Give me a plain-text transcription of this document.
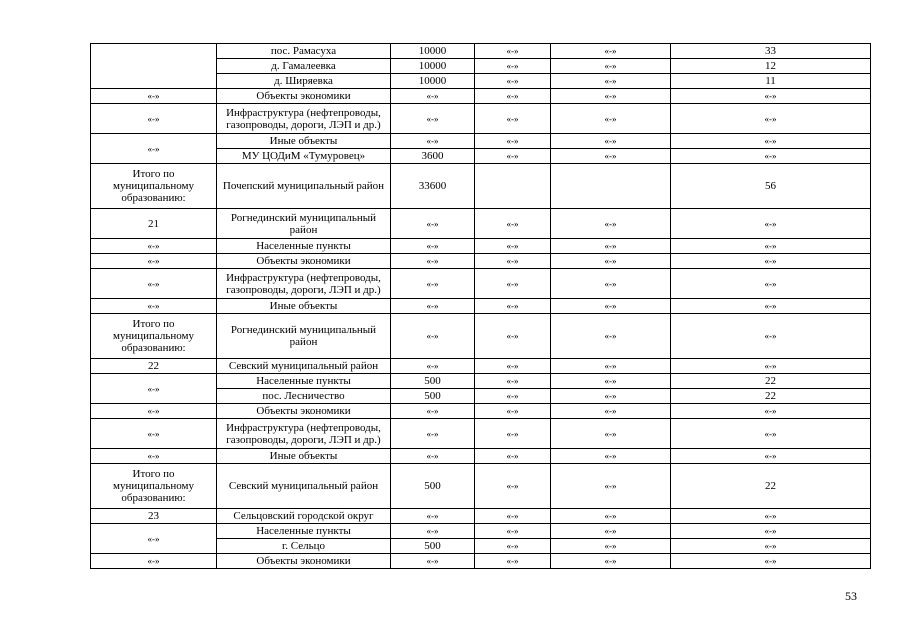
	пос. Рамасуха	10000	«-»	«-»	33
	д. Гамалеевка	10000	«-»	«-»	12
	д. Ширяевка	10000	«-»	«-»	11
«-»	Объекты экономики	«-»	«-»	«-»	«-»
«-»	Инфраструктура (нефтепроводы, газопроводы, дороги, ЛЭП и др.)	«-»	«-»	«-»	«-»
«-»	Иные объекты	«-»	«-»	«-»	«-»
	МУ ЦОДиМ «Тумуровец»	3600	«-»	«-»	«-»
Итого по муниципальному образованию:	Почепский муниципальный район	33600			56
21	Рогнединский муниципальный район	«-»	«-»	«-»	«-»
«-»	Населенные пункты	«-»	«-»	«-»	«-»
«-»	Объекты экономики	«-»	«-»	«-»	«-»
«-»	Инфраструктура (нефтепроводы, газопроводы, дороги, ЛЭП и др.)	«-»	«-»	«-»	«-»
«-»	Иные объекты	«-»	«-»	«-»	«-»
Итого по муниципальному образованию:	Рогнединский муниципальный район	«-»	«-»	«-»	«-»
22	Севский муниципальный район	«-»	«-»	«-»	«-»
«-»	Населенные пункты	500	«-»	«-»	22
	пос. Лесничество	500	«-»	«-»	22
«-»	Объекты экономики	«-»	«-»	«-»	«-»
«-»	Инфраструктура (нефтепроводы, газопроводы, дороги, ЛЭП и др.)	«-»	«-»	«-»	«-»
«-»	Иные объекты	«-»	«-»	«-»	«-»
Итого по муниципальному образованию:	Севский муниципальный район	500	«-»	«-»	22
23	Сельцовский городской округ	«-»	«-»	«-»	«-»
«-»	Населенные пункты	«-»	«-»	«-»	«-»
	г. Сельцо	500	«-»	«-»	«-»
«-»	Объекты экономики	«-»	«-»	«-»	«-»
53
